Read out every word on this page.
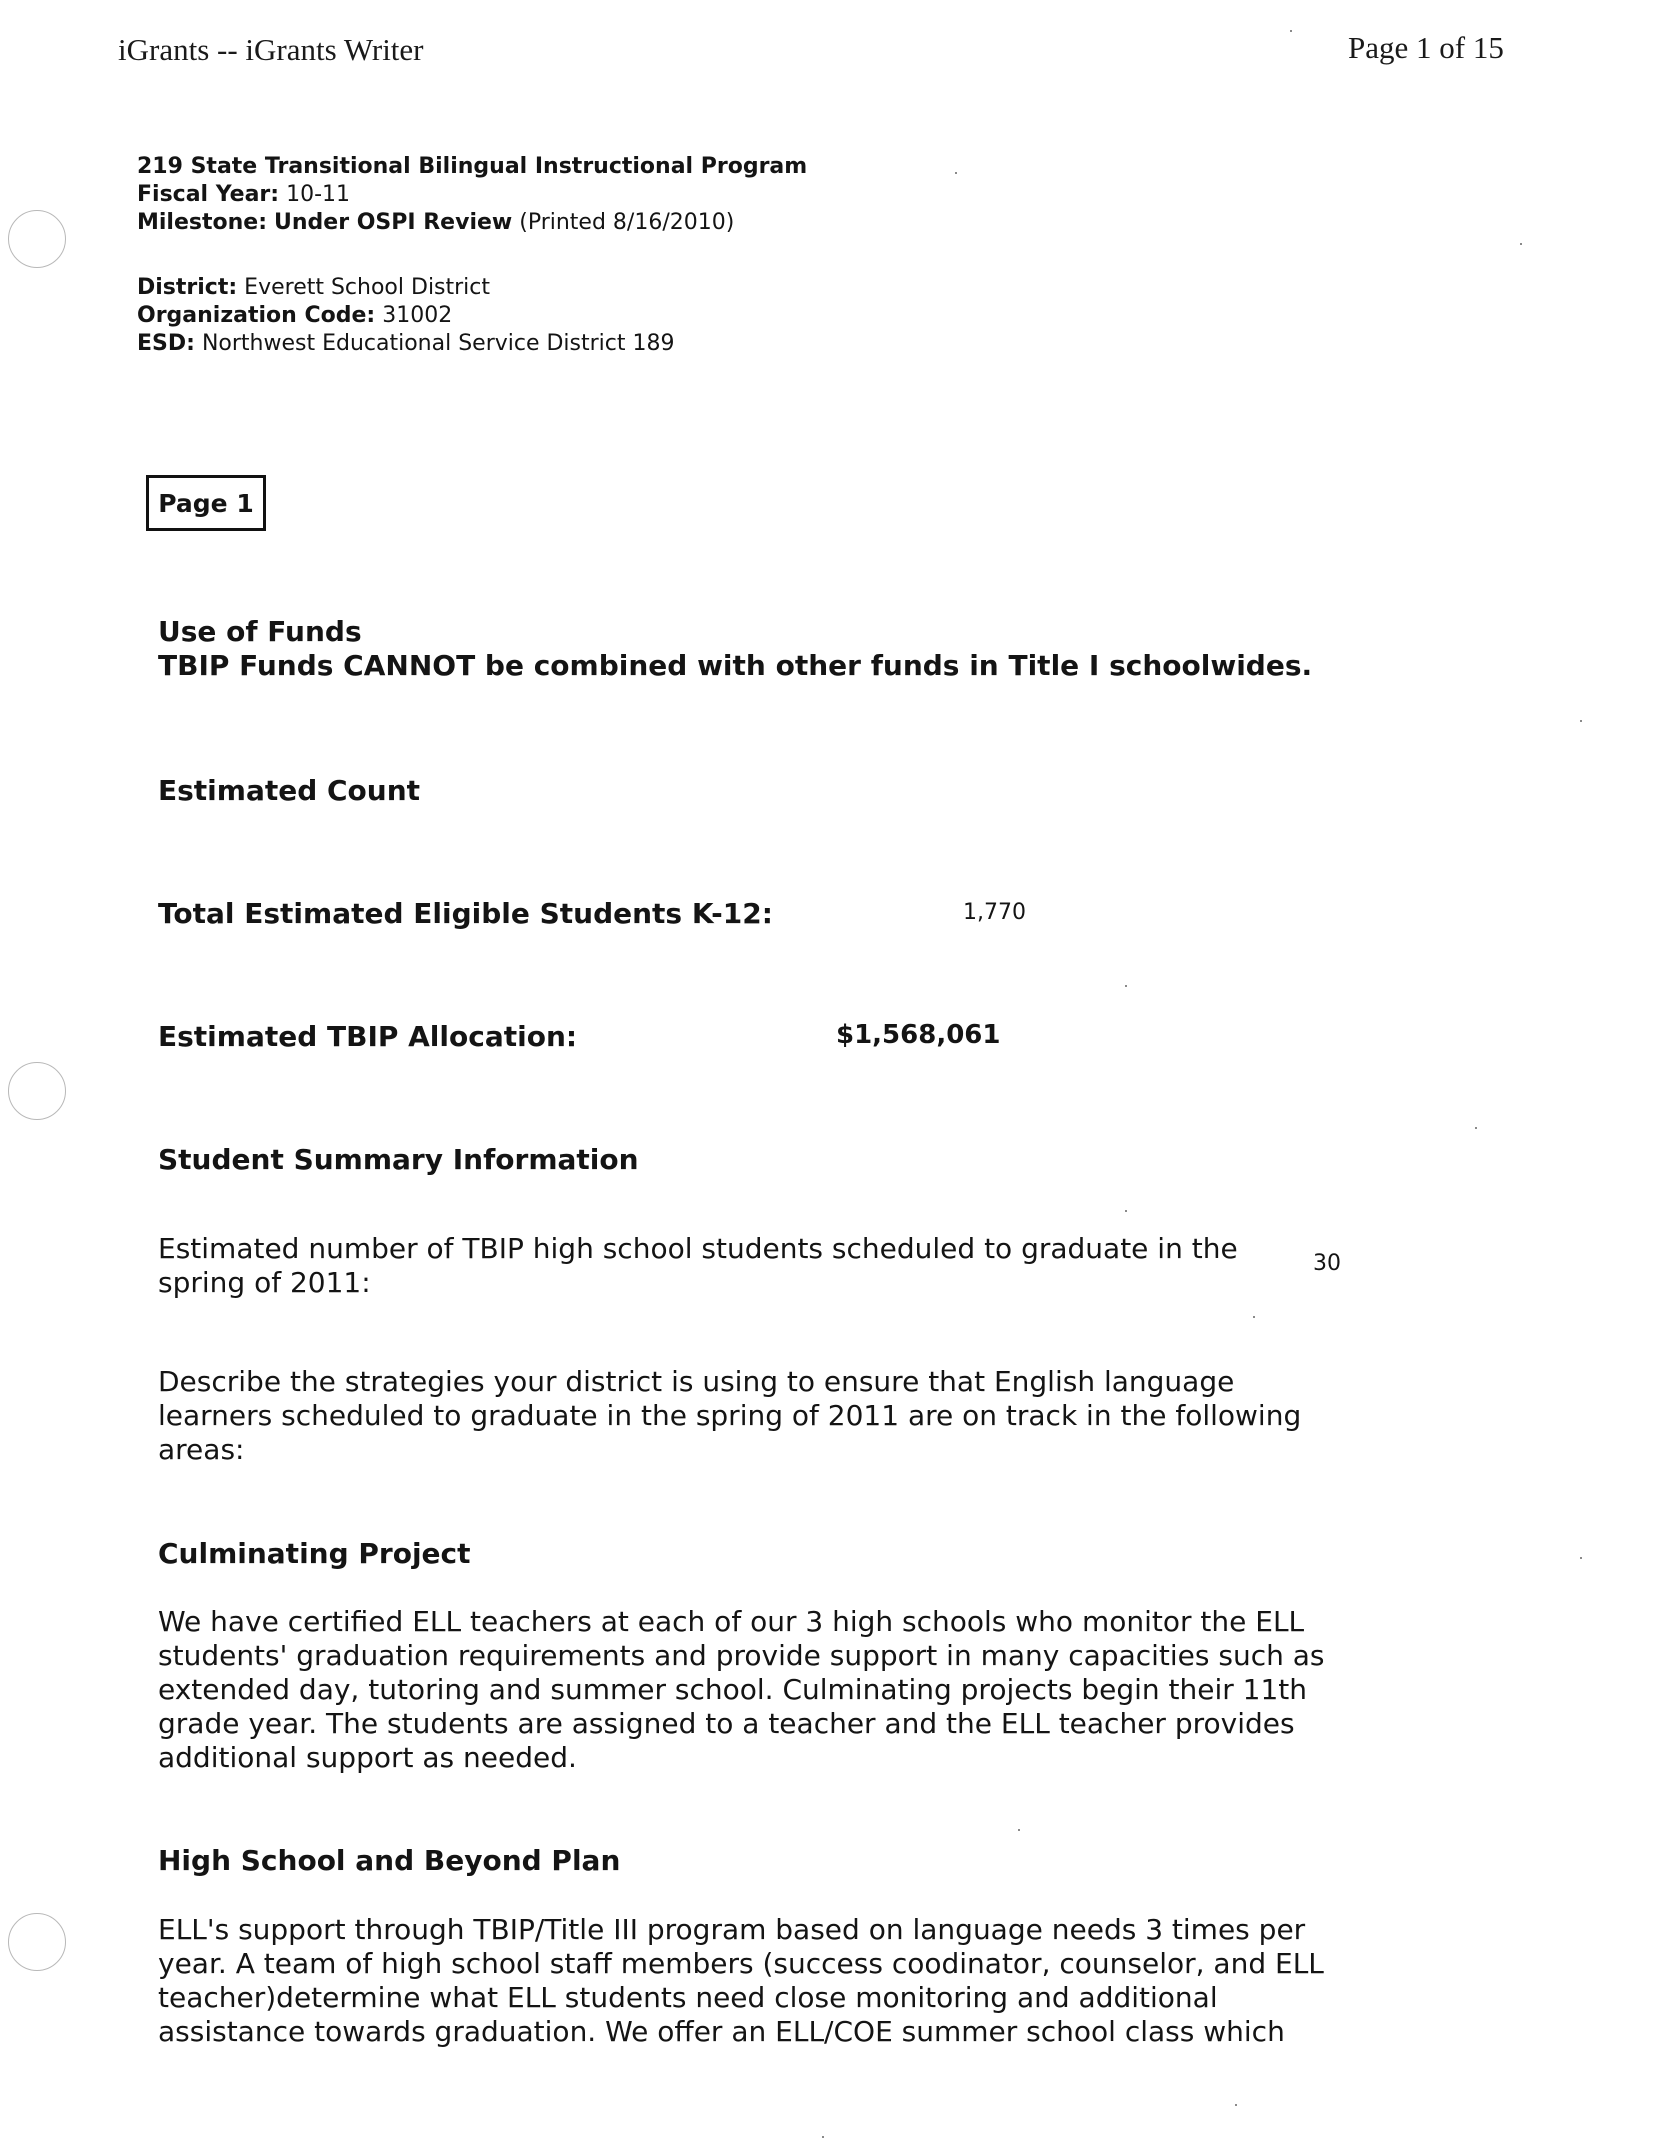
iGrants -- iGrants Writer	Page 1 of 15
219 State Transitional Bilingual Instructional Program
Fiscal Year: 10-11
Milestone: Under OSPI Review (Printed 8/16/2010)
District: Everett School District
Organization Code: 31002
ESD: Northwest Educational Service District 189
Page 1
Use of Funds
TBIP Funds CANNOT be combined with other funds in Title I schoolwides.
Estimated Count
Total Estimated Eligible Students K-12:	1,770
Estimated TBIP Allocation:	$1,568,061
Student Summary Information
Estimated number of TBIP high school students scheduled to graduate in the spring of 2011:
30
Describe the strategies your district is using to ensure that English language learners scheduled to graduate in the spring of 2011 are on track in the following areas:
Culminating Project
We have certified ELL teachers at each of our 3 high schools who monitor the ELL students' graduation requirements and provide support in many capacities such as extended day, tutoring and summer school. Culminating projects begin their 11th grade year. The students are assigned to a teacher and the ELL teacher provides additional support as needed.
High School and Beyond Plan
ELL's support through TBIP/Title III program based on language needs 3 times per year. A team of high school staff members (success coodinator, counselor, and ELL teacher)determine what ELL students need close monitoring and additional assistance towards graduation. We offer an ELL/COE summer school class which
